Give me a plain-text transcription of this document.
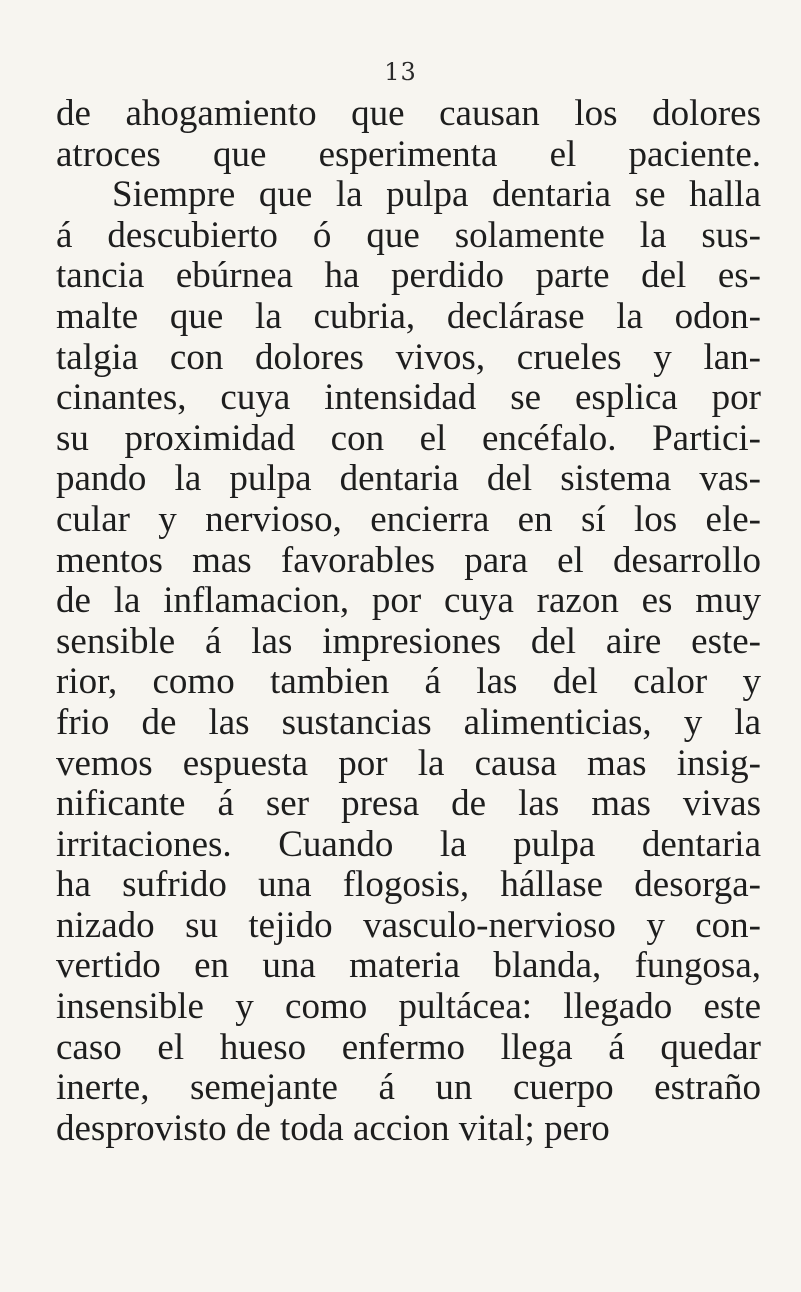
13
de ahogamiento que causan los dolores
atroces que esperimenta el paciente.
Siempre que la pulpa dentaria se halla
á descubierto ó que solamente la sus-
tancia ebúrnea ha perdido parte del es-
malte que la cubria, declárase la odon-
talgia con dolores vivos, crueles y lan-
cinantes, cuya intensidad se esplica por
su proximidad con el encéfalo. Partici-
pando la pulpa dentaria del sistema vas-
cular y nervioso, encierra en sí los ele-
mentos mas favorables para el desarrollo
de la inflamacion, por cuya razon es muy
sensible á las impresiones del aire este-
rior, como tambien á las del calor y
frio de las sustancias alimenticias, y la
vemos espuesta por la causa mas insig-
nificante á ser presa de las mas vivas
irritaciones. Cuando la pulpa dentaria
ha sufrido una flogosis, hállase desorga-
nizado su tejido vasculo-nervioso y con-
vertido en una materia blanda, fungosa,
insensible y como pultácea: llegado este
caso el hueso enfermo llega á quedar
inerte, semejante á un cuerpo estraño
desprovisto de toda accion vital; pero
